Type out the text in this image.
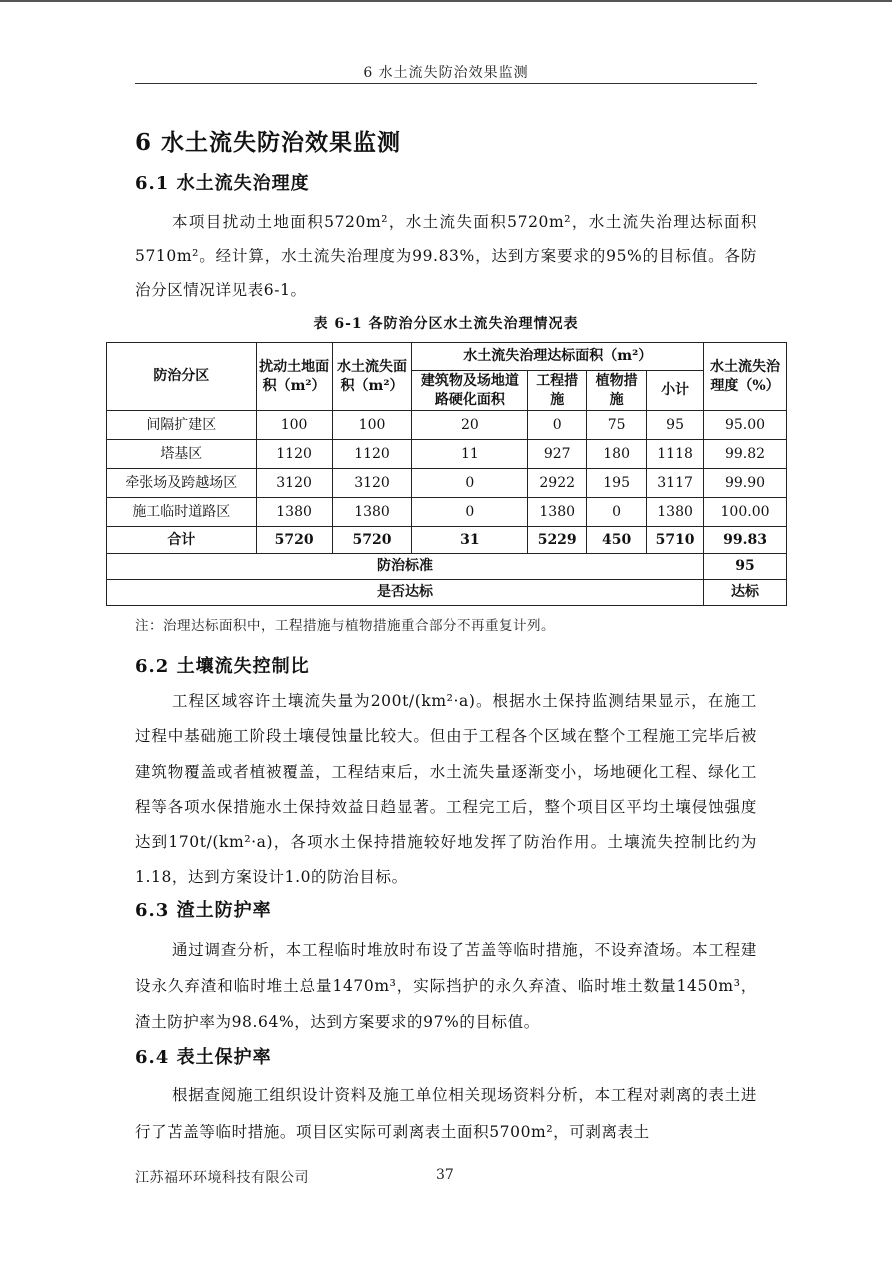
6 水土流失防治效果监测
6 水土流失防治效果监测
6.1 水土流失治理度

本项目扰动土地面积5720m²，水土流失面积5720m²，水土流失治理达标面积5710m²。经计算，水土流失治理度为99.83%，达到方案要求的95%的目标值。各防治分区情况详见表6-1。

表 6-1 各防治分区水土流失治理情况表
防治分区	扰动土地面积（m²）	水土流失面积（m²）	水土流失治理达标面积（m²）				水土流失治理度（%）
			建筑物及场地道路硬化面积	工程措施	植物措施	小计	
间隔扩建区	100	100	20	0	75	95	95.00
塔基区	1120	1120	11	927	180	1118	99.82
牵张场及跨越场区	3120	3120	0	2922	195	3117	99.90
施工临时道路区	1380	1380	0	1380	0	1380	100.00
合计	5720	5720	31	5229	450	5710	99.83
防治标准							95
是否达标							达标
注：治理达标面积中，工程措施与植物措施重合部分不再重复计列。
6.2 土壤流失控制比

工程区域容许土壤流失量为200t/(km²·a)。根据水土保持监测结果显示，在施工过程中基础施工阶段土壤侵蚀量比较大。但由于工程各个区域在整个工程施工完毕后被建筑物覆盖或者植被覆盖，工程结束后，水土流失量逐渐变小，场地硬化工程、绿化工程等各项水保措施水土保持效益日趋显著。工程完工后，整个项目区平均土壤侵蚀强度达到170t/(km²·a)，各项水土保持措施较好地发挥了防治作用。土壤流失控制比约为1.18，达到方案设计1.0的防治目标。

6.3 渣土防护率

通过调查分析，本工程临时堆放时布设了苫盖等临时措施，不设弃渣场。本工程建设永久弃渣和临时堆土总量1470m³，实际挡护的永久弃渣、临时堆土数量1450m³，渣土防护率为98.64%，达到方案要求的97%的目标值。

6.4 表土保护率

根据查阅施工组织设计资料及施工单位相关现场资料分析，本工程对剥离的表土进行了苫盖等临时措施。项目区实际可剥离表土面积5700m²，可剥离表土

江苏福环环境科技有限公司	37
